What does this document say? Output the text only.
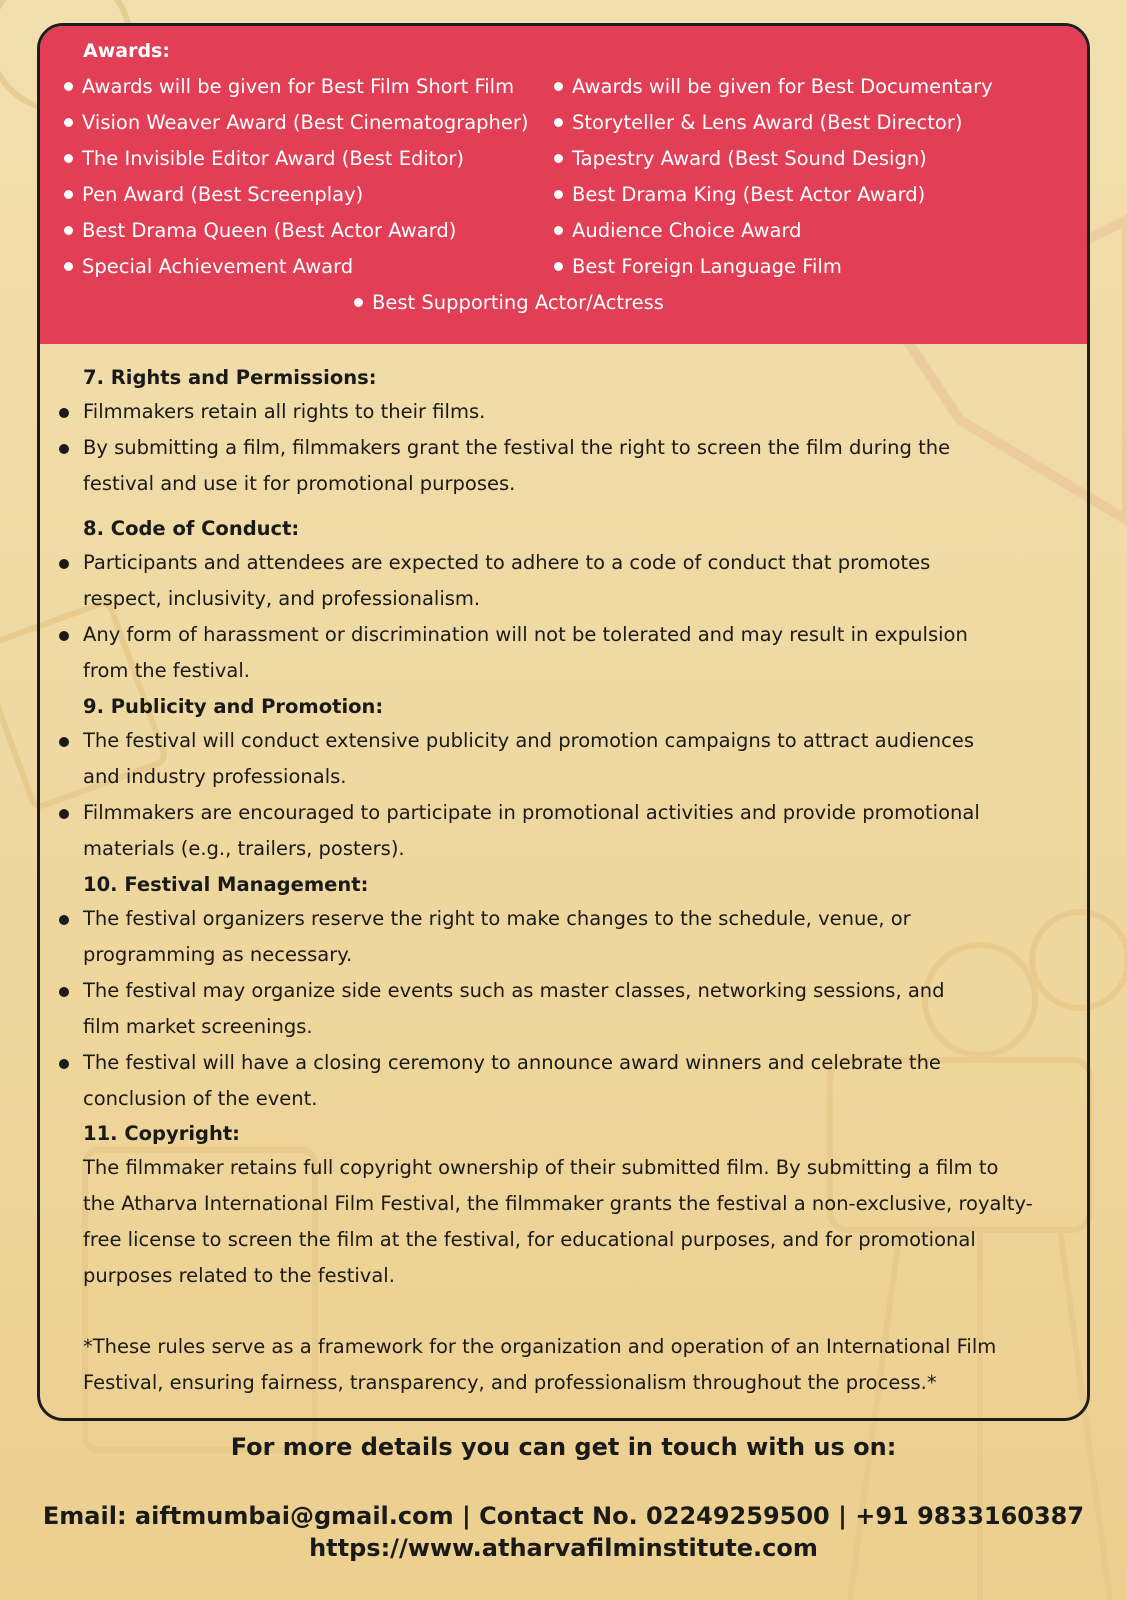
Awards:
Awards will be given for Best Film Short Film
Vision Weaver Award (Best Cinematographer)
The Invisible Editor Award (Best Editor)
Pen Award (Best Screenplay)
Best Drama Queen (Best Actor Award)
Special Achievement Award
Awards will be given for Best Documentary
Storyteller & Lens Award (Best Director)
Tapestry Award (Best Sound Design)
Best Drama King (Best Actor Award)
Audience Choice Award
Best Foreign Language Film
Best Supporting Actor/Actress
7. Rights and Permissions:
Filmmakers retain all rights to their films.
By submitting a film, filmmakers grant the festival the right to screen the film during the festival and use it for promotional purposes.
8. Code of Conduct:
Participants and attendees are expected to adhere to a code of conduct that promotes respect, inclusivity, and professionalism.
Any form of harassment or discrimination will not be tolerated and may result in expulsion from the festival.
9. Publicity and Promotion:
The festival will conduct extensive publicity and promotion campaigns to attract audiences and industry professionals.
Filmmakers are encouraged to participate in promotional activities and provide promotional materials (e.g., trailers, posters).
10. Festival Management:
The festival organizers reserve the right to make changes to the schedule, venue, or programming as necessary.
The festival may organize side events such as master classes, networking sessions, and film market screenings.
The festival will have a closing ceremony to announce award winners and celebrate the conclusion of the event.
11. Copyright:
The filmmaker retains full copyright ownership of their submitted film. By submitting a film to the Atharva International Film Festival, the filmmaker grants the festival a non-exclusive, royalty-free license to screen the film at the festival, for educational purposes, and for promotional purposes related to the festival.
*These rules serve as a framework for the organization and operation of an International Film Festival, ensuring fairness, transparency, and professionalism throughout the process.*
For more details you can get in touch with us on:
Email: aiftmumbai@gmail.com | Contact No. 02249259500 | +91 9833160387
https://www.atharvafilminstitute.com
